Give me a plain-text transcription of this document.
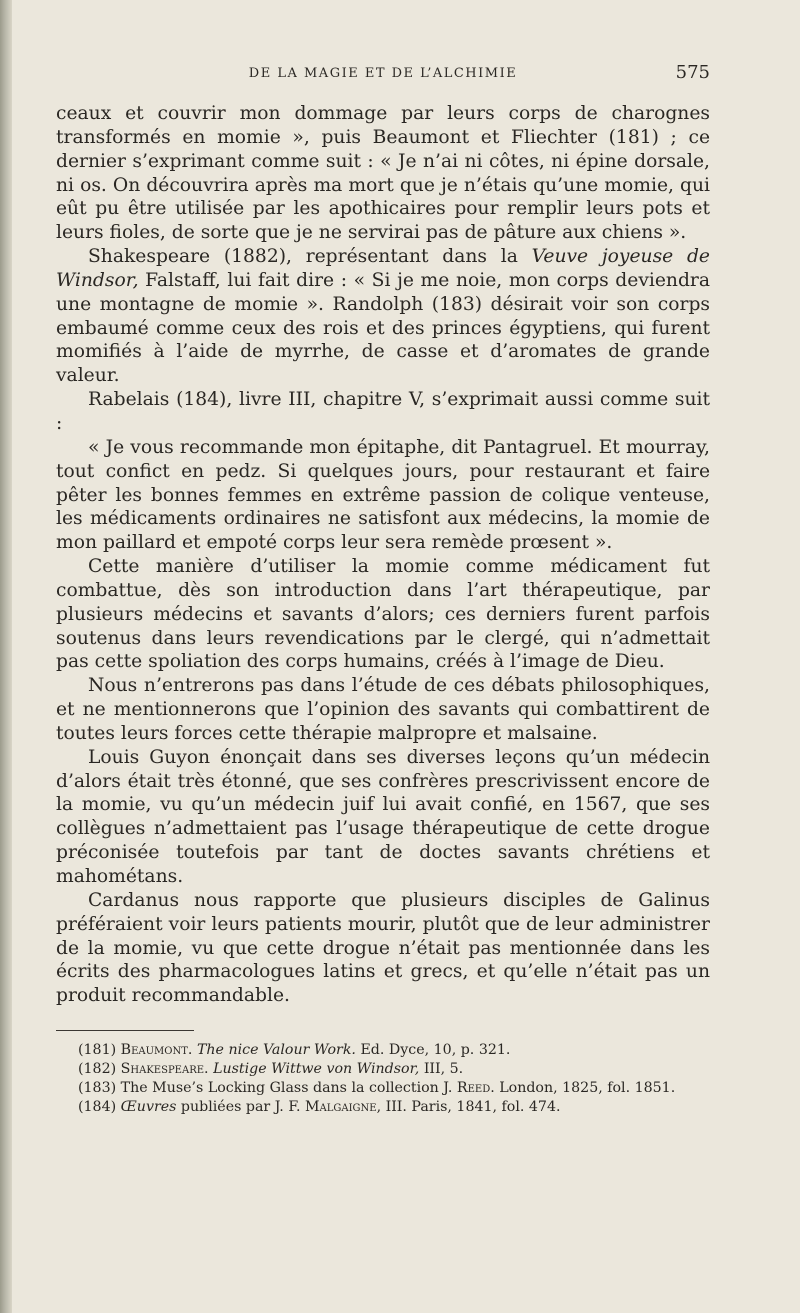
DE LA MAGIE ET DE L’ALCHIMIE	575

ceaux et couvrir mon dommage par leurs corps de charognes transformés en momie », puis Beaumont et Fliechter (181) ; ce dernier s’exprimant comme suit : « Je n’ai ni côtes, ni épine dorsale, ni os. On découvrira après ma mort que je n’étais qu’une momie, qui eût pu être utilisée par les apothicaires pour remplir leurs pots et leurs fioles, de sorte que je ne servirai pas de pâture aux chiens ».

Shakespeare (1882), représentant dans la Veuve joyeuse de Windsor, Falstaff, lui fait dire : « Si je me noie, mon corps deviendra une montagne de momie ». Randolph (183) désirait voir son corps embaumé comme ceux des rois et des princes égyptiens, qui furent momifiés à l’aide de myrrhe, de casse et d’aromates de grande valeur.

Rabelais (184), livre III, chapitre V, s’exprimait aussi comme suit :

« Je vous recommande mon épitaphe, dit Pantagruel. Et mourray, tout confict en pedz. Si quelques jours, pour restaurant et faire pêter les bonnes femmes en extrême passion de colique venteuse, les médicaments ordinaires ne satisfont aux médecins, la momie de mon paillard et empoté corps leur sera remède prœsent ».

Cette manière d’utiliser la momie comme médicament fut combattue, dès son introduction dans l’art thérapeutique, par plusieurs médecins et savants d’alors; ces derniers furent parfois soutenus dans leurs revendications par le clergé, qui n’admettait pas cette spoliation des corps humains, créés à l’image de Dieu.

Nous n’entrerons pas dans l’étude de ces débats philosophiques, et ne mentionnerons que l’opinion des savants qui combattirent de toutes leurs forces cette thérapie malpropre et malsaine.

Louis Guyon énonçait dans ses diverses leçons qu’un médecin d’alors était très étonné, que ses confrères prescrivissent encore de la momie, vu qu’un médecin juif lui avait confié, en 1567, que ses collègues n’admettaient pas l’usage thérapeutique de cette drogue préconisée toutefois par tant de doctes savants chrétiens et mahométans.

Cardanus nous rapporte que plusieurs disciples de Galinus préféraient voir leurs patients mourir, plutôt que de leur administrer de la momie, vu que cette drogue n’était pas mentionnée dans les écrits des pharmacologues latins et grecs, et qu’elle n’était pas un produit recommandable.

(181) Beaumont. The nice Valour Work. Ed. Dyce, 10, p. 321.

(182) Shakespeare. Lustige Wittwe von Windsor, III, 5.

(183) The Muse’s Locking Glass dans la collection J. Reed. London, 1825, fol. 1851.

(184) Œuvres publiées par J. F. Malgaigne, III. Paris, 1841, fol. 474.
